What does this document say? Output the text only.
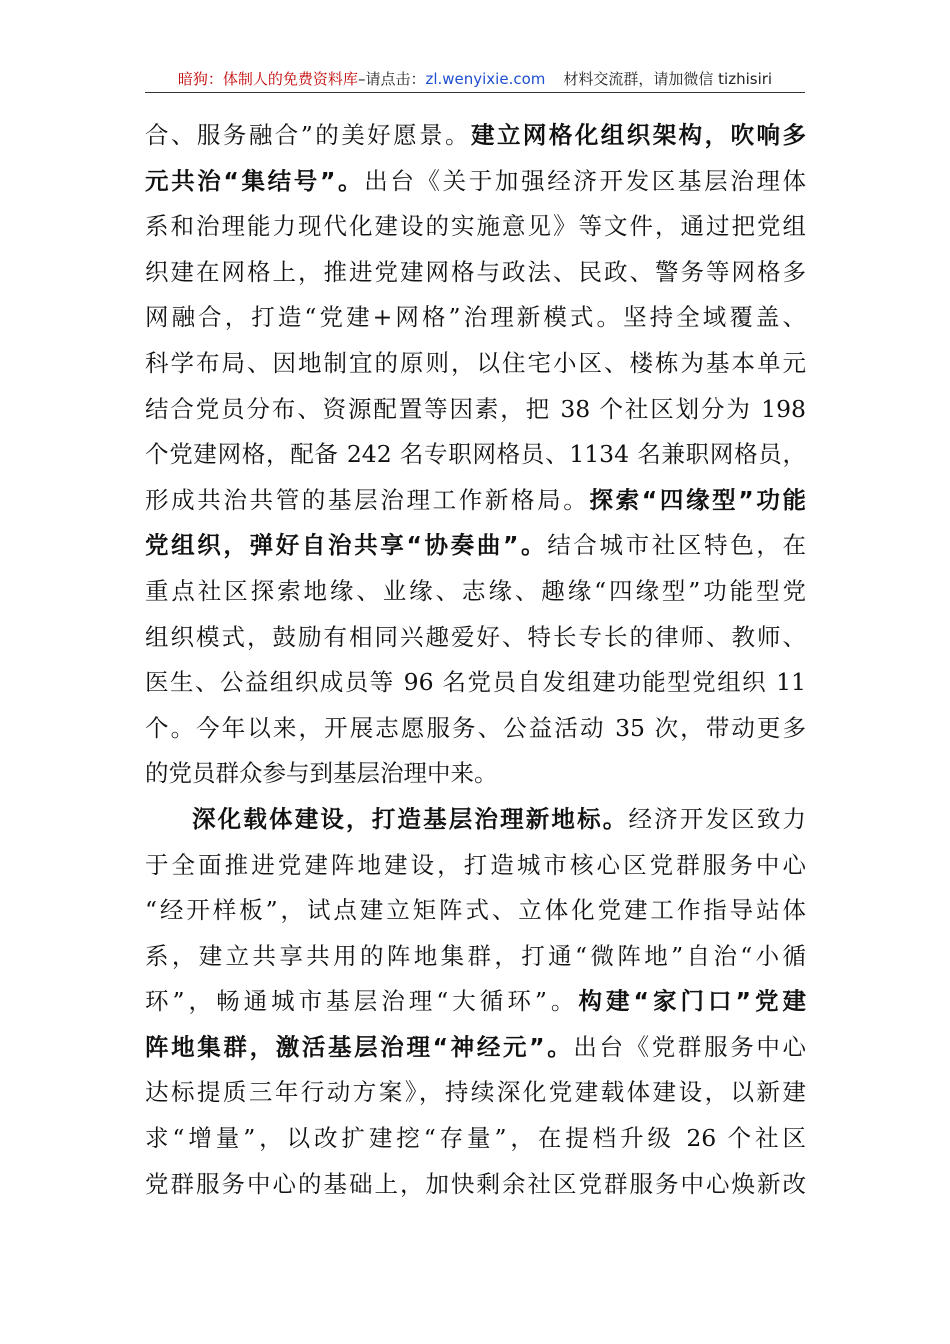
暗狗：体制人的免费资料库–请点击：zl.wenyixie.com 材料交流群，请加微信 tizhisiri
合、服务融合”的美好愿景。建立网格化组织架构，吹响多
元共治“集结号”。出台《关于加强经济开发区基层治理体
系和治理能力现代化建设的实施意见》等文件，通过把党组
织建在网格上，推进党建网格与政法、民政、警务等网格多
网融合，打造“党建+网格”治理新模式。坚持全域覆盖、
科学布局、因地制宜的原则，以住宅小区、楼栋为基本单元
结合党员分布、资源配置等因素，把 38 个社区划分为 198
个党建网格，配备 242 名专职网格员、1134 名兼职网格员，
形成共治共管的基层治理工作新格局。探索“四缘型”功能
党组织，弹好自治共享“协奏曲”。结合城市社区特色，在
重点社区探索地缘、业缘、志缘、趣缘“四缘型”功能型党
组织模式，鼓励有相同兴趣爱好、特长专长的律师、教师、
医生、公益组织成员等 96 名党员自发组建功能型党组织 11
个。今年以来，开展志愿服务、公益活动 35 次，带动更多
的党员群众参与到基层治理中来。
深化载体建设，打造基层治理新地标。经济开发区致力
于全面推进党建阵地建设，打造城市核心区党群服务中心
“经开样板”，试点建立矩阵式、立体化党建工作指导站体
系，建立共享共用的阵地集群，打通“微阵地”自治“小循
环”，畅通城市基层治理“大循环”。构建“家门口”党建
阵地集群，激活基层治理“神经元”。出台《党群服务中心
达标提质三年行动方案》，持续深化党建载体建设，以新建
求“增量”，以改扩建挖“存量”，在提档升级 26 个社区
党群服务中心的基础上，加快剩余社区党群服务中心焕新改
